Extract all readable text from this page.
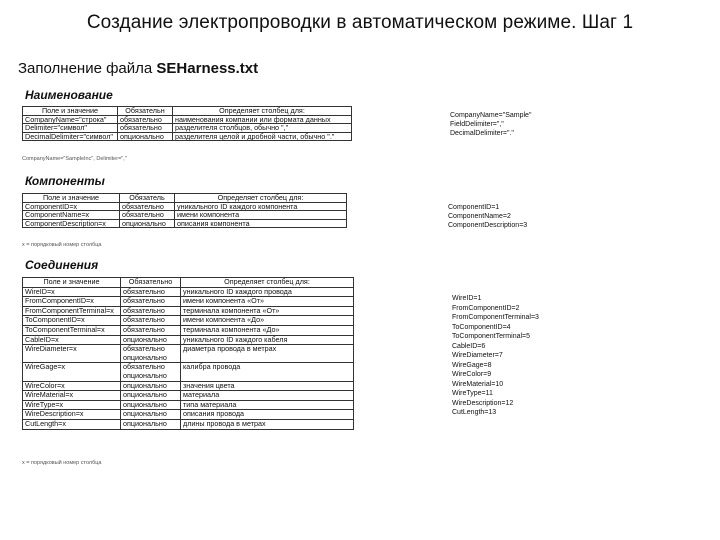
Создание электропроводки в автоматическом режиме. Шаг 1
Заполнение файла SEHarness.txt
Наименование
Поле и значение	Обязательн	Определяет столбец для:
CompanyName="строка"	обязательно	наименования компании или формата данных
Delimiter="символ"	обязательно	разделителя столбцов, обычно ","
DecimalDelimiter="символ"	опционально	разделителя целой и дробной части, обычно "."
CompanyName="SampleInc", Delimiter=","
CompanyName="Sample"
FieldDelimiter=","
DecimalDelimiter="."
Компоненты
Поле и значение	Обязатель	Определяет столбец для:
ComponentID=x	обязательно	уникального ID каждого компонента
ComponentName=x	обязательно	имени компонента
ComponentDescription=x	опционально	описания компонента
x = порядковый номер столбца
ComponentID=1
ComponentName=2
ComponentDescription=3
Соединения
Поле и значение	Обязательно	Определяет столбец для:
WireID=x	обязательно	уникального ID каждого провода
FromComponentID=x	обязательно	имени компонента «От»
FromComponentTerminal=x	обязательно	терминала компонента «От»
ToComponentID=x	обязательно	имени компонента «До»
ToComponentTerminal=x	обязательно	терминала компонента «До»
CableID=x	опционально	уникального ID каждого кабеля
WireDiameter=x	обязательно
опционально	диаметра провода в метрах
WireGage=x	обязательно
опционально	калибра провода
WireColor=x	опционально	значения цвета
WireMaterial=x	опционально	материала
WireType=x	опционально	типа материала
WireDescription=x	опционально	описания провода
CutLength=x	опционально	длины провода в метрах
x = порядковый номер столбца
WireID=1
FromComponentID=2
FromComponentTerminal=3
ToComponentID=4
ToComponentTerminal=5
CableID=6
WireDiameter=7
WireGage=8
WireColor=9
WireMaterial=10
WireType=11
WireDescription=12
CutLength=13
